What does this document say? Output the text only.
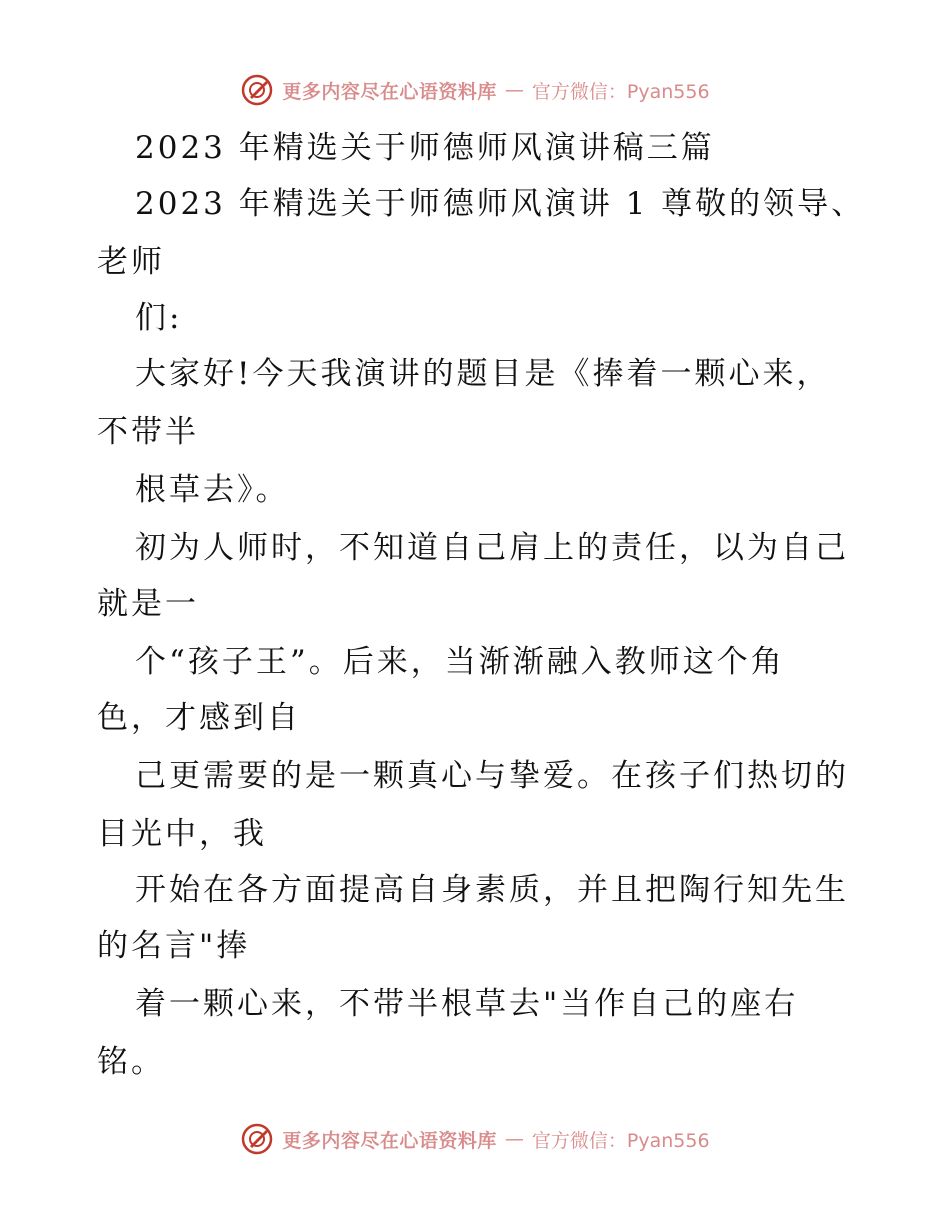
更多内容尽在心语资料库 — 官方微信：Pyan556
2023 年精选关于师德师风演讲稿三篇
2023 年精选关于师德师风演讲 1 尊敬的领导、
老师
们:
大家好!今天我演讲的题目是《捧着一颗心来，
不带半
根草去》。
初为人师时，不知道自己肩上的责任，以为自己
就是一
个“孩子王”。后来，当渐渐融入教师这个角
色，才感到自
己更需要的是一颗真心与挚爱。在孩子们热切的
目光中，我
开始在各方面提高自身素质，并且把陶行知先生
的名言"捧
着一颗心来，不带半根草去"当作自己的座右
铭。
更多内容尽在心语资料库 — 官方微信：Pyan556
